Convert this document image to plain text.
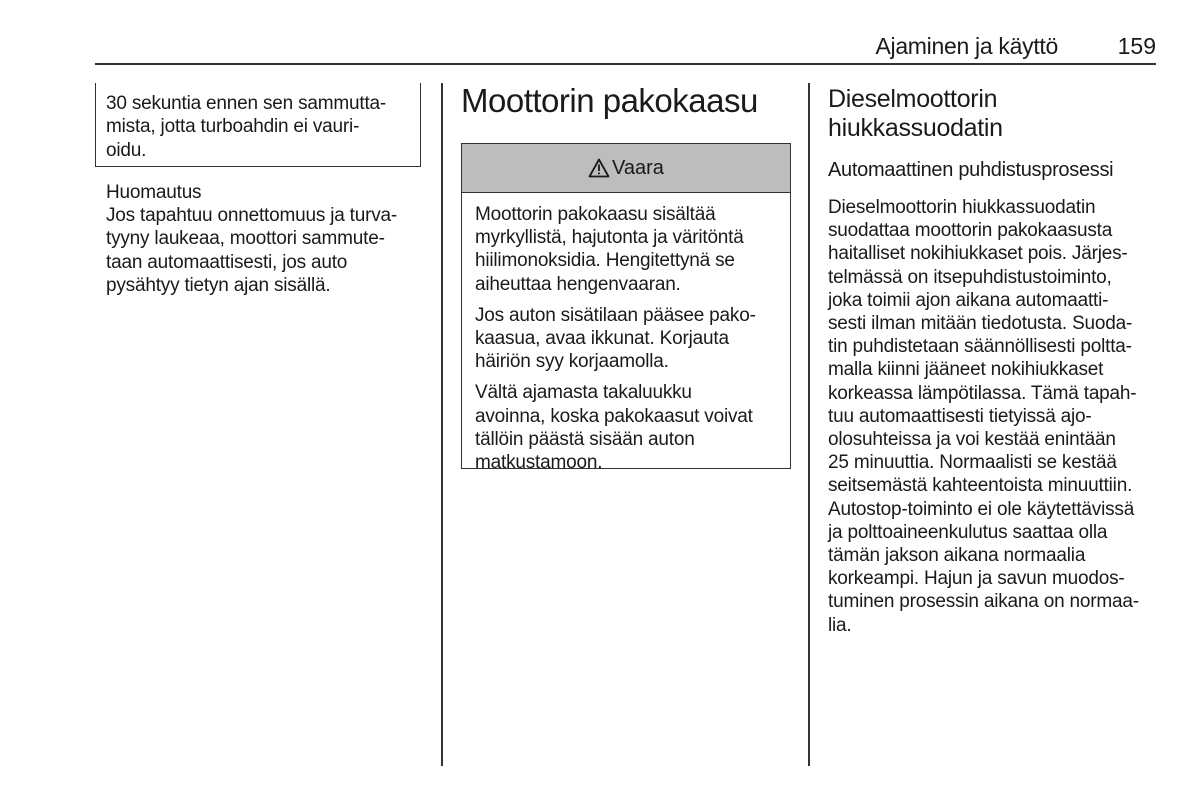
Ajaminen ja käyttö	159
30 sekuntia ennen sen sammutta-
mista, jotta turboahdin ei vauri-
oidu.
Huomautus
Jos tapahtuu onnettomuus ja turva-
tyyny laukeaa, moottori sammute-
taan automaattisesti, jos auto
pysähtyy tietyn ajan sisällä.
Moottorin pakokaasu
Vaara

Moottorin pakokaasu sisältää
myrkyllistä, hajutonta ja väritöntä
hiilimonoksidia. Hengitettynä se
aiheuttaa hengenvaaran.

Jos auton sisätilaan pääsee pako-
kaasua, avaa ikkunat. Korjauta
häiriön syy korjaamolla.

Vältä ajamasta takaluukku
avoinna, koska pakokaasut voivat
tällöin päästä sisään auton
matkustamoon.

Dieselmoottorin
hiukkassuodatin
Automaattinen puhdistusprosessi
Dieselmoottorin hiukkassuodatin
suodattaa moottorin pakokaasusta
haitalliset nokihiukkaset pois. Järjes-
telmässä on itsepuhdistustoiminto,
joka toimii ajon aikana automaatti-
sesti ilman mitään tiedotusta. Suoda-
tin puhdistetaan säännöllisesti poltta-
malla kiinni jääneet nokihiukkaset
korkeassa lämpötilassa. Tämä tapah-
tuu automaattisesti tietyissä ajo-
olosuhteissa ja voi kestää enintään
25 minuuttia. Normaalisti se kestää
seitsemästä kahteentoista minuuttiin.
Autostop-toiminto ei ole käytettävissä
ja polttoaineenkulutus saattaa olla
tämän jakson aikana normaalia
korkeampi. Hajun ja savun muodos-
tuminen prosessin aikana on normaa-
lia.
